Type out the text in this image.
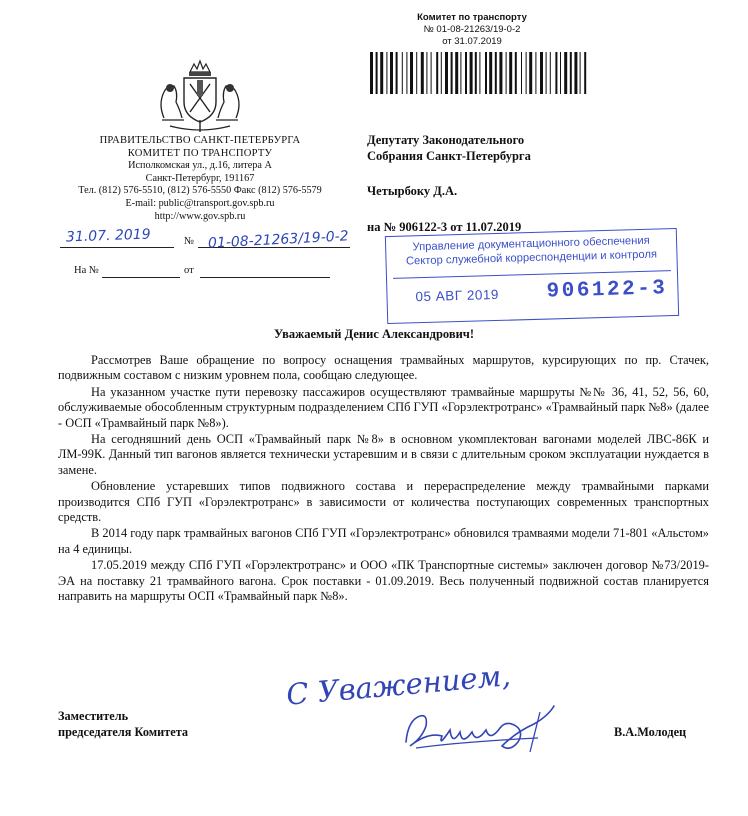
Комитет по транспорту
№ 01-08-21263/19-0-2
от 31.07.2019
ПРАВИТЕЛЬСТВО САНКТ-ПЕТЕРБУРГА
КОМИТЕТ ПО ТРАНСПОРТУ
Исполкомская ул., д.16, литера А
Санкт-Петербург, 191167
Тел. (812) 576-5510, (812) 576-5550 Факс (812) 576-5579
E-mail: public@transport.gov.spb.ru
http://www.gov.spb.ru
31.07. 2019	№ 01-08-21263/19-0-2
На №	от
Депутату Законодательного
Собрания Санкт-Петербурга
Четырбоку Д.А.
на № 906122-3 от 11.07.2019
Управление документационного обеспечения
Сектор служебной корреспонденции и контроля
05 АВГ 2019 906122-3
Уважаемый Денис Александрович!

Рассмотрев Ваше обращение по вопросу оснащения трамвайных маршрутов, курсирующих по пр. Стачек, подвижным составом с низким уровнем пола, сообщаю следующее.

На указанном участке пути перевозку пассажиров осуществляют трамвайные маршруты №№ 36, 41, 52, 56, 60, обслуживаемые обособленным структурным подразделением СПб ГУП «Горэлектротранс» «Трамвайный парк №8» (далее - ОСП «Трамвайный парк №8»).

На сегодняшний день ОСП «Трамвайный парк №8» в основном укомплектован вагонами моделей ЛВС-86К и ЛМ-99К. Данный тип вагонов является технически устаревшим и в связи с длительным сроком эксплуатации нуждается в замене.

Обновление устаревших типов подвижного состава и перераспределение между трамвайными парками производится СПб ГУП «Горэлектротранс» в зависимости от количества поступающих современных транспортных средств.

В 2014 году парк трамвайных вагонов СПб ГУП «Горэлектротранс» обновился трамваями модели 71-801 «Альстом» на 4 единицы.

17.05.2019 между СПб ГУП «Горэлектротранс» и ООО «ПК Транспортные системы» заключен договор №73/2019-ЭА на поставку 21 трамвайного вагона. Срок поставки - 01.09.2019. Весь полученный подвижной состав планируется направить на маршруты ОСП «Трамвайный парк №8».

Заместитель
председателя Комитета
С Уважением,
В.А.Молодец
